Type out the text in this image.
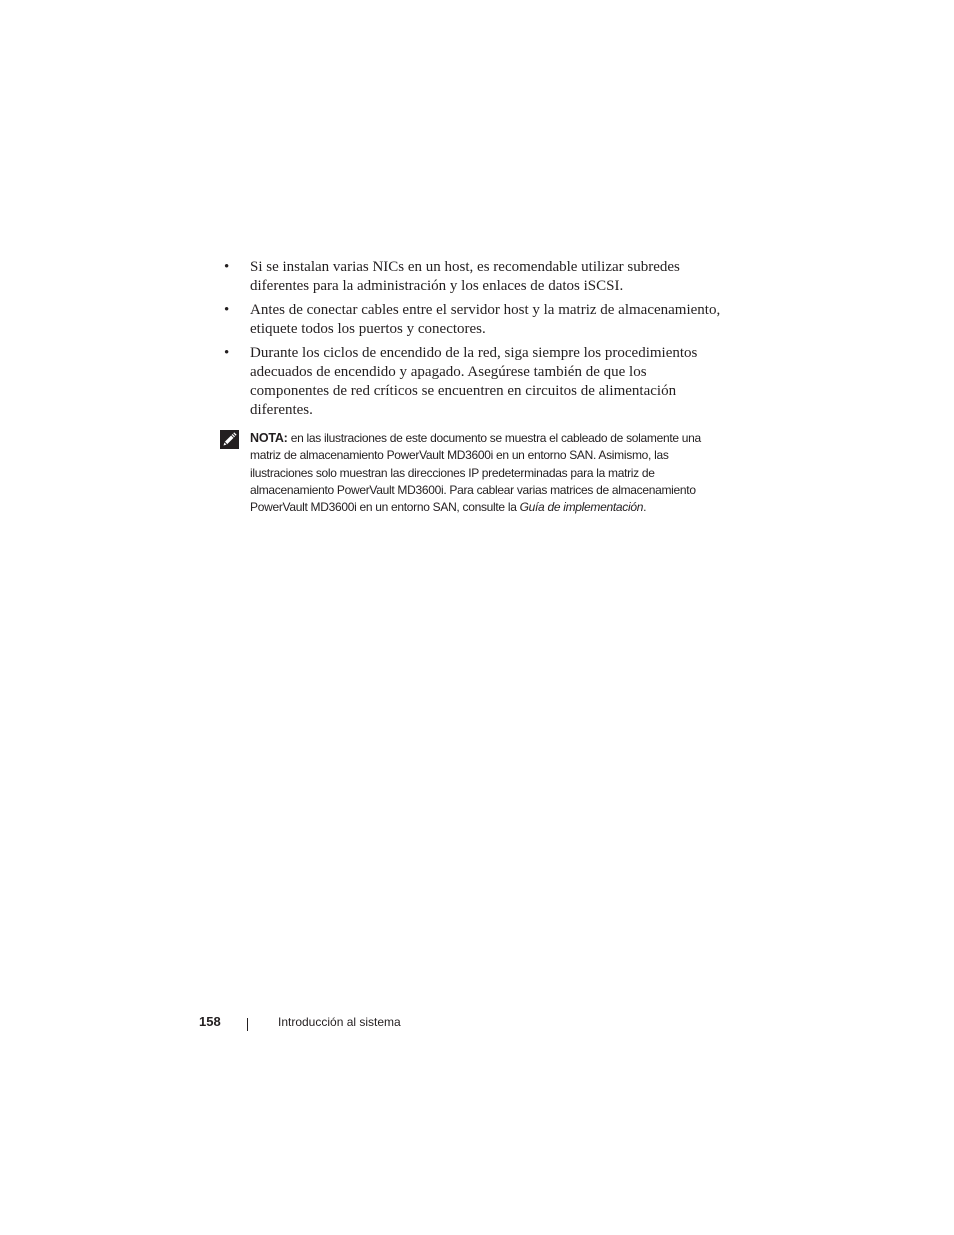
• Si se instalan varias NICs en un host, es recomendable utilizar subredes diferentes para la administración y los enlaces de datos iSCSI.
• Antes de conectar cables entre el servidor host y la matriz de almacenamiento, etiquete todos los puertos y conectores.
• Durante los ciclos de encendido de la red, siga siempre los procedimientos adecuados de encendido y apagado. Asegúrese también de que los componentes de red críticos se encuentren en circuitos de alimentación diferentes.
NOTA: en las ilustraciones de este documento se muestra el cableado de solamente una matriz de almacenamiento PowerVault MD3600i en un entorno SAN. Asimismo, las ilustraciones solo muestran las direcciones IP predeterminadas para la matriz de almacenamiento PowerVault MD3600i. Para cablear varias matrices de almacenamiento PowerVault MD3600i en un entorno SAN, consulte la Guía de implementación.
158	Introducción al sistema
